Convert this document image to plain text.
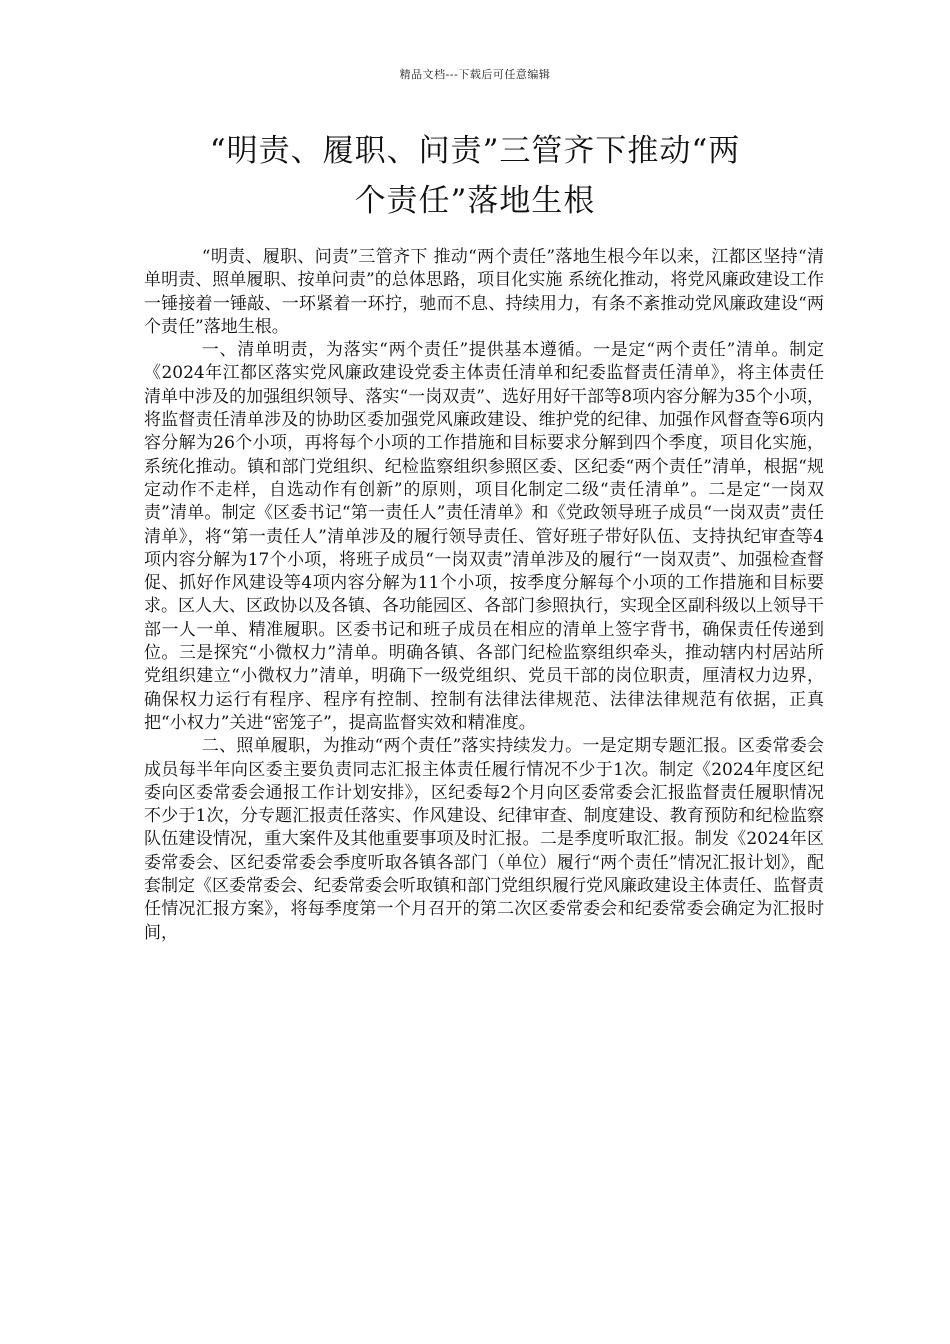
精品文档---下载后可任意编辑
“明责、履职、问责”三管齐下推动“两
个责任”落地生根

“明责、履职、问责”三管齐下 推动“两个责任”落地生根今年以来，江都区坚持“清单明责、照单履职、按单问责”的总体思路，项目化实施 系统化推动，将党风廉政建设工作一锤接着一锤敲、一环紧着一环拧，驰而不息、持续用力，有条不紊推动党风廉政建设“两个责任”落地生根。

一、清单明责，为落实“两个责任”提供基本遵循。一是定“两个责任”清单。制定《2024年江都区落实党风廉政建设党委主体责任清单和纪委监督责任清单》，将主体责任清单中涉及的加强组织领导、落实“一岗双责”、选好用好干部等8项内容分解为35个小项，将监督责任清单涉及的协助区委加强党风廉政建设、维护党的纪律、加强作风督查等6项内容分解为26个小项，再将每个小项的工作措施和目标要求分解到四个季度，项目化实施，系统化推动。镇和部门党组织、纪检监察组织参照区委、区纪委“两个责任”清单，根据“规定动作不走样，自选动作有创新”的原则，项目化制定二级“责任清单”。二是定“一岗双责”清单。制定《区委书记“第一责任人”责任清单》和《党政领导班子成员“一岗双责”责任清单》，将“第一责任人”清单涉及的履行领导责任、管好班子带好队伍、支持执纪审查等4项内容分解为17个小项，将班子成员“一岗双责”清单涉及的履行“一岗双责”、加强检查督促、抓好作风建设等4项内容分解为11个小项，按季度分解每个小项的工作措施和目标要求。区人大、区政协以及各镇、各功能园区、各部门参照执行，实现全区副科级以上领导干部一人一单、精准履职。区委书记和班子成员在相应的清单上签字背书，确保责任传递到位。三是探究“小微权力”清单。明确各镇、各部门纪检监察组织牵头，推动辖内村居站所党组织建立“小微权力”清单，明确下一级党组织、党员干部的岗位职责，厘清权力边界，确保权力运行有程序、程序有控制、控制有法律法律规范、法律法律规范有依据，正真把“小权力”关进“密笼子”，提高监督实效和精准度。

二、照单履职，为推动“两个责任”落实持续发力。一是定期专题汇报。区委常委会成员每半年向区委主要负责同志汇报主体责任履行情况不少于1次。制定《2024年度区纪委向区委常委会通报工作计划安排》，区纪委每2个月向区委常委会汇报监督责任履职情况不少于1次，分专题汇报责任落实、作风建设、纪律审查、制度建设、教育预防和纪检监察队伍建设情况，重大案件及其他重要事项及时汇报。二是季度听取汇报。制发《2024年区委常委会、区纪委常委会季度听取各镇各部门（单位）履行“两个责任”情况汇报计划》，配套制定《区委常委会、纪委常委会听取镇和部门党组织履行党风廉政建设主体责任、监督责任情况汇报方案》，将每季度第一个月召开的第二次区委常委会和纪委常委会确定为汇报时间，
